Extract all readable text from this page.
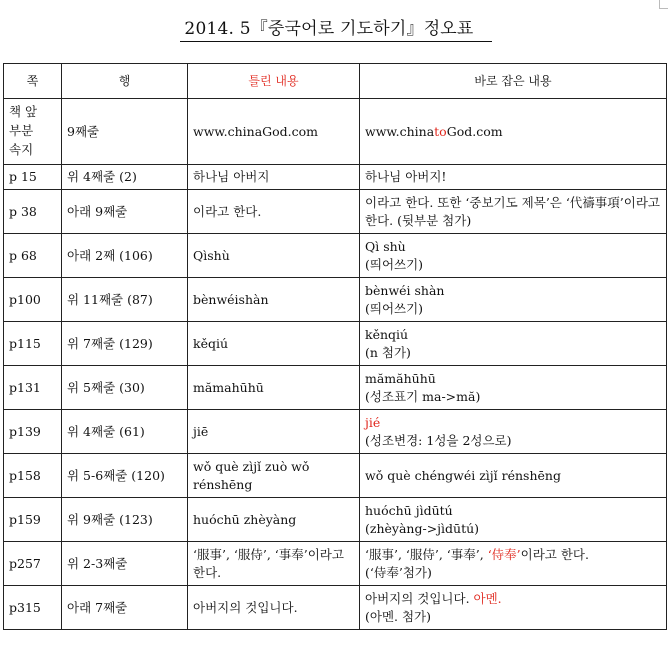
2014. 5『중국어로 기도하기』정오표
쪽	행	틀린 내용	바로 잡은 내용

책 앞
부분
속지	9째줄	www.chinaGod.com	www.chinatoGod.com

p 15	위 4째줄 (2)	하나님 아버지	하나님 아버지!

p 38	아래 9째줄	이라고 한다.	이라고 한다. 또한 ‘중보기도 제목’은 ‘代禱事項’이라고 한다. (뒷부분 첨가)

p 68	아래 2째 (106)	Qìshù	Qì shù
(띄어쓰기)

p100	위 11째줄 (87)	bènwéishàn	bènwéi shàn
(띄어쓰기)

p115	위 7째줄 (129)	kěqiú	kěnqiú
(n 첨가)

p131	위 5째줄 (30)	mămahūhū	mămăhūhū
(성조표기 ma->mă)

p139	위 4째줄 (61)	jiē	jié
(성조변경: 1성을 2성으로)

p158	위 5-6째줄 (120)	wǒ què zìjǐ zuò wǒ rénshēng	wǒ què chéngwéi zìjǐ rénshēng

p159	위 9째줄 (123)	huóchū zhèyàng	huóchū jìdūtú
(zhèyàng->jìdūtú)

p257	위 2-3째줄	‘服事’, ‘服侍’, ‘事奉’이라고 한다.	‘服事’, ‘服侍’, ‘事奉’, ‘侍奉’이라고 한다.
(‘侍奉’첨가)

p315	아래 7째줄	아버지의 것입니다.	아버지의 것입니다. 아멘.
(아멘. 첨가)
